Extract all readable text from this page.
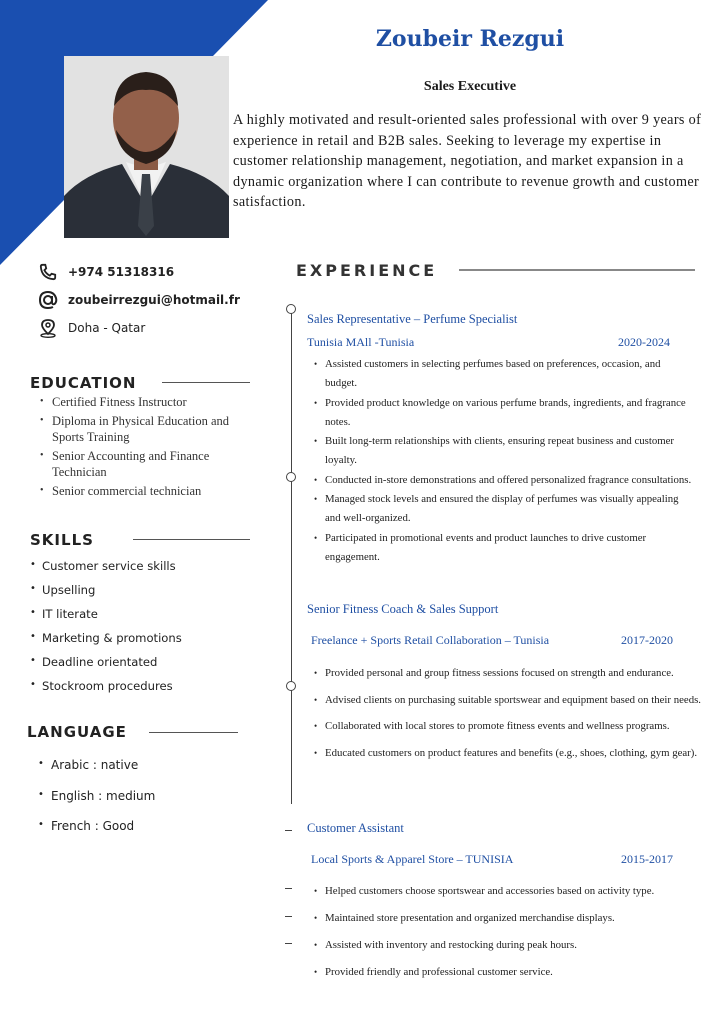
Zoubeir Rezgui
Sales Executive

A highly motivated and result-oriented sales professional with over 9 years of experience in retail and B2B sales. Seeking to leverage my expertise in customer relationship management, negotiation, and market expansion in a dynamic organization where I can contribute to revenue growth and customer satisfaction.

+974 51318316
zoubeirrezgui@hotmail.fr
Doha - Qatar
EDUCATION
• Certified Fitness Instructor
• Diploma in Physical Education and Sports Training
• Senior Accounting and Finance Technician
• Senior commercial technician
SKILLS
• Customer service skills
• Upselling
• IT literate
• Marketing & promotions
• Deadline orientated
• Stockroom procedures
LANGUAGE
• Arabic : native
• English : medium
• French : Good
EXPERIENCE
Sales Representative – Perfume Specialist
Tunisia MAll -Tunisia	2020-2024
• Assisted customers in selecting perfumes based on preferences, occasion, and budget.
• Provided product knowledge on various perfume brands, ingredients, and fragrance notes.
• Built long-term relationships with clients, ensuring repeat business and customer loyalty.
• Conducted in-store demonstrations and offered personalized fragrance consultations.
• Managed stock levels and ensured the display of perfumes was visually appealing and well-organized.
• Participated in promotional events and product launches to drive customer engagement.
Senior Fitness Coach & Sales Support
Freelance + Sports Retail Collaboration – Tunisia	2017-2020
• Provided personal and group fitness sessions focused on strength and endurance.
• Advised clients on purchasing suitable sportswear and equipment based on their needs.
• Collaborated with local stores to promote fitness events and wellness programs.
• Educated customers on product features and benefits (e.g., shoes, clothing, gym gear).
Customer Assistant
Local Sports & Apparel Store – TUNISIA	2015-2017
• Helped customers choose sportswear and accessories based on activity type.
• Maintained store presentation and organized merchandise displays.
• Assisted with inventory and restocking during peak hours.
• Provided friendly and professional customer service.
